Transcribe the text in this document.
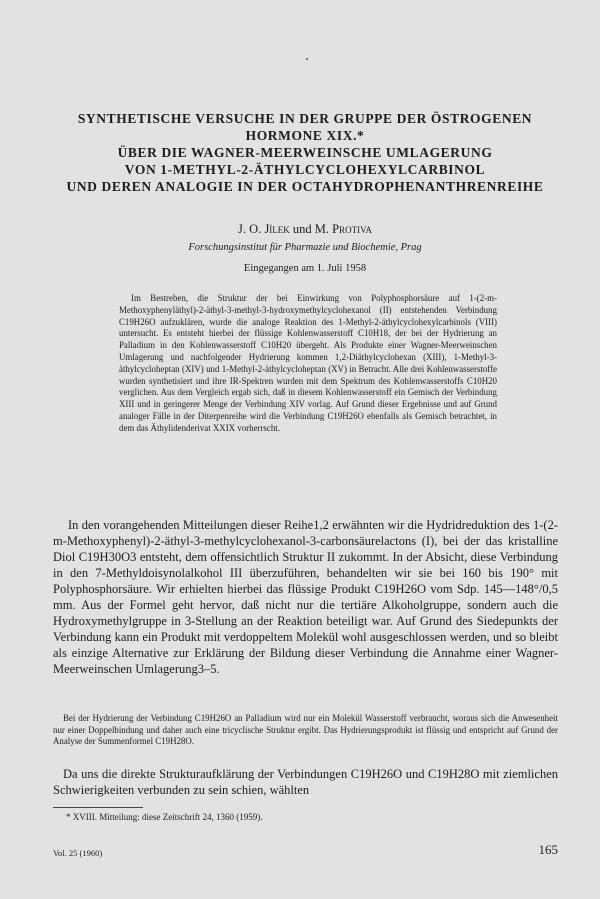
SYNTHETISCHE VERSUCHE IN DER GRUPPE DER ÖSTROGENEN
HORMONE XIX.*
ÜBER DIE WAGNER-MEERWEINSCHE UMLAGERUNG
VON 1-METHYL-2-ÄTHYLCYCLOHEXYLCARBINOL
UND DEREN ANALOGIE IN DER OCTAHYDROPHENANTHRENREIHE
J. O. Jílek und M. Protiva
Forschungsinstitut für Pharmazie und Biochemie, Prag
Eingegangen am 1. Juli 1958
Im Bestreben, die Struktur der bei Einwirkung von Polyphosphorsäure auf 1-(2-m-Methoxyphenyläthyl)-2-äthyl-3-methyl-3-hydroxymethylcyclohexanol (II) entstehenden Verbindung C19H26O aufzuklären, wurde die analoge Reaktion des 1-Methyl-2-äthylcyclohexylcarbinols (VIII) untersucht. Es entsteht hierbei der flüssige Kohlenwasserstoff C10H18, der bei der Hydrierung an Palladium in den Kohlenwasserstoff C10H20 übergeht. Als Produkte einer Wagner-Meerweinschen Umlagerung und nachfolgender Hydrierung kommen 1,2-Diäthylcyclohexan (XIII), 1-Methyl-3-äthylcycloheptan (XIV) und 1-Methyl-2-äthylcycloheptan (XV) in Betracht. Alle drei Kohlenwasserstoffe wurden synthetisiert und ihre IR-Spektren wurden mit dem Spektrum des Kohlenwasserstoffs C10H20 verglichen. Aus dem Vergleich ergab sich, daß in diesem Kohlenwasserstoff ein Gemisch der Verbindung XIII und in geringerer Menge der Verbindung XIV vorlag. Auf Grund dieser Ergebnisse und auf Grund analoger Fälle in der Diterpenreihe wird die Verbindung C19H26O ebenfalls als Gemisch betrachtet, in dem das Äthylidenderivat XXIX vorherrscht.
In den vorangehenden Mitteilungen dieser Reihe1,2 erwähnten wir die Hydridreduktion des 1-(2-m-Methoxyphenyl)-2-äthyl-3-methylcyclohexanol-3-carbonsäurelactons (I), bei der das kristalline Diol C19H30O3 entsteht, dem offensichtlich Struktur II zukommt. In der Absicht, diese Verbindung in den 7-Methyldoisynolalkohol III überzuführen, behandelten wir sie bei 160 bis 190° mit Polyphosphorsäure. Wir erhielten hierbei das flüssige Produkt C19H26O vom Sdp. 145—148°/0,5 mm. Aus der Formel geht hervor, daß nicht nur die tertiäre Alkoholgruppe, sondern auch die Hydroxymethylgruppe in 3-Stellung an der Reaktion beteiligt war. Auf Grund des Siedepunkts der Verbindung kann ein Produkt mit verdoppeltem Molekül wohl ausgeschlossen werden, und so bleibt als einzige Alternative zur Erklärung der Bildung dieser Verbindung die Annahme einer Wagner-Meerweinschen Umlagerung3–5.
Bei der Hydrierung der Verbindung C19H26O an Palladium wird nur ein Molekül Wasserstoff verbraucht, woraus sich die Anwesenheit nur einer Doppelbindung und daher auch eine tricyclische Struktur ergibt. Das Hydrierungsprodukt ist flüssig und entspricht auf Grund der Analyse der Summenformel C19H28O.
Da uns die direkte Strukturaufklärung der Verbindungen C19H26O und C19H28O mit ziemlichen Schwierigkeiten verbunden zu sein schien, wählten
* XVIII. Mitteilung: diese Zeitschrift 24, 1360 (1959).
Vol. 25 (1960)	165
